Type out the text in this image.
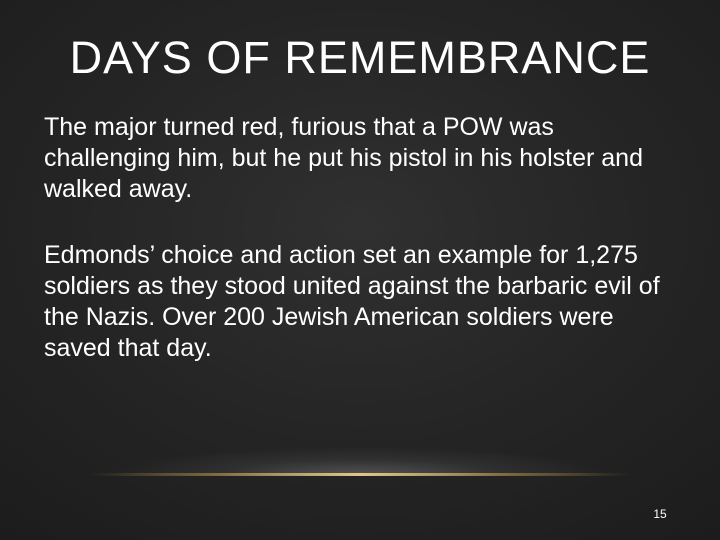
DAYS OF REMEMBRANCE

The major turned red, furious that a POW was challenging him, but he put his pistol in his holster and walked away.

Edmonds’ choice and action set an example for 1,275 soldiers as they stood united against the barbaric evil of the Nazis. Over 200 Jewish American soldiers were saved that day.

15
